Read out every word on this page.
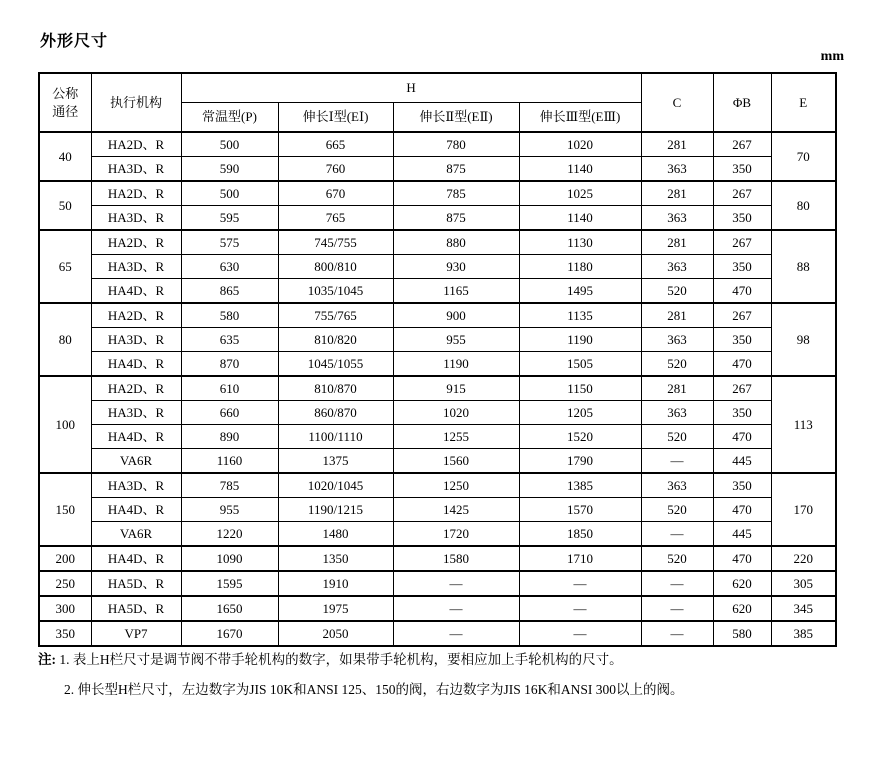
外形尺寸
mm
公称
通径	执行机构	H				C	ΦB	E
		常温型(P)	伸长Ⅰ型(EⅠ)	伸长Ⅱ型(EⅡ)	伸长Ⅲ型(EⅢ)			
40	HA2D、R	500	665	780	1020	281	267	70
	HA3D、R	590	760	875	1140	363	350	
50	HA2D、R	500	670	785	1025	281	267	80
	HA3D、R	595	765	875	1140	363	350	
65	HA2D、R	575	745/755	880	1130	281	267	88
	HA3D、R	630	800/810	930	1180	363	350	
	HA4D、R	865	1035/1045	1165	1495	520	470	
80	HA2D、R	580	755/765	900	1135	281	267	98
	HA3D、R	635	810/820	955	1190	363	350	
	HA4D、R	870	1045/1055	1190	1505	520	470	
100	HA2D、R	610	810/870	915	1150	281	267	113
	HA3D、R	660	860/870	1020	1205	363	350	
	HA4D、R	890	1100/1110	1255	1520	520	470	
	VA6R	1160	1375	1560	1790	—	445	
150	HA3D、R	785	1020/1045	1250	1385	363	350	170
	HA4D、R	955	1190/1215	1425	1570	520	470	
	VA6R	1220	1480	1720	1850	—	445	
200	HA4D、R	1090	1350	1580	1710	520	470	220
250	HA5D、R	1595	1910	—	—	—	620	305
300	HA5D、R	1650	1975	—	—	—	620	345
350	VP7	1670	2050	—	—	—	580	385

注: 1. 表上H栏尺寸是调节阀不带手轮机构的数字，如果带手轮机构，要相应加上手轮机构的尺寸。

2. 伸长型H栏尺寸，左边数字为JIS 10K和ANSI 125、150的阀，右边数字为JIS 16K和ANSI 300以上的阀。
